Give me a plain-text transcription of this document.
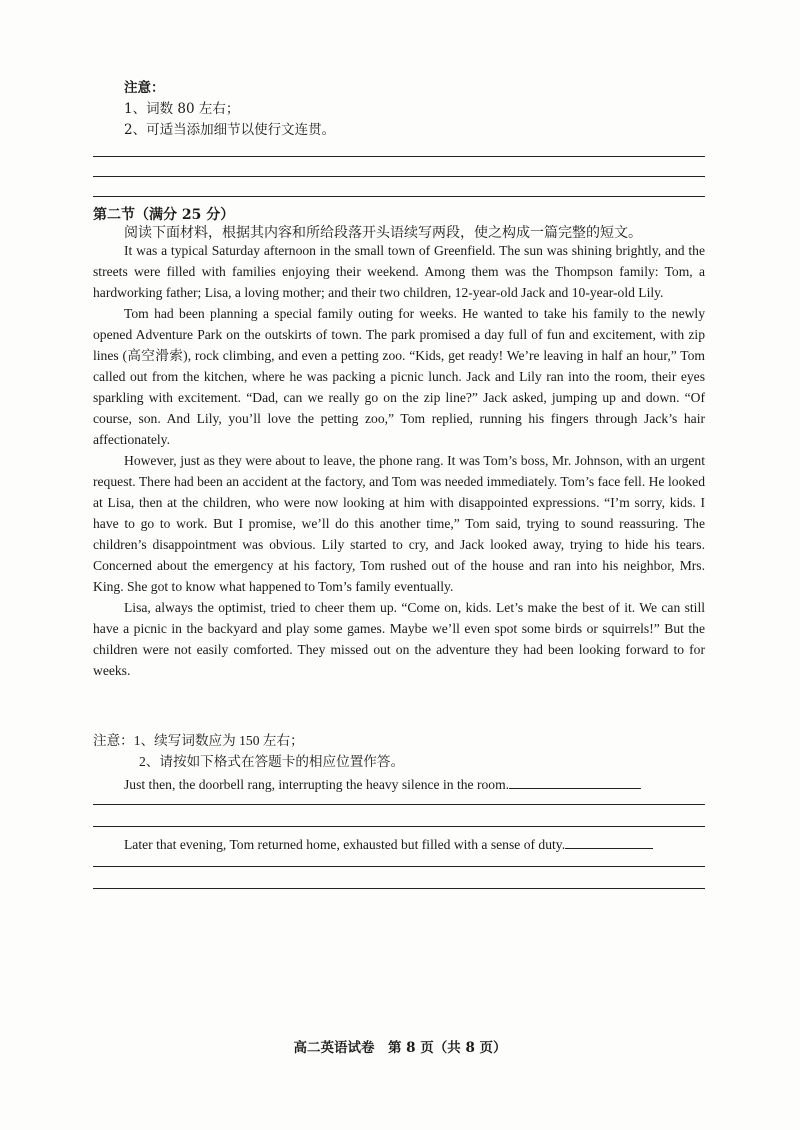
注意：
1、词数 80 左右；
2、可适当添加细节以使行文连贯。
第二节（满分 25 分）
阅读下面材料，根据其内容和所给段落开头语续写两段，使之构成一篇完整的短文。

It was a typical Saturday afternoon in the small town of Greenfield. The sun was shining brightly, and the streets were filled with families enjoying their weekend. Among them was the Thompson family: Tom, a hardworking father; Lisa, a loving mother; and their two children, 12-year-old Jack and 10-year-old Lily.

Tom had been planning a special family outing for weeks. He wanted to take his family to the newly opened Adventure Park on the outskirts of town. The park promised a day full of fun and excitement, with zip lines (高空滑索), rock climbing, and even a petting zoo. “Kids, get ready! We’re leaving in half an hour,” Tom called out from the kitchen, where he was packing a picnic lunch. Jack and Lily ran into the room, their eyes sparkling with excitement. “Dad, can we really go on the zip line?” Jack asked, jumping up and down. “Of course, son. And Lily, you’ll love the petting zoo,” Tom replied, running his fingers through Jack’s hair affectionately.

However, just as they were about to leave, the phone rang. It was Tom’s boss, Mr. Johnson, with an urgent request. There had been an accident at the factory, and Tom was needed immediately. Tom’s face fell. He looked at Lisa, then at the children, who were now looking at him with disappointed expressions. “I’m sorry, kids. I have to go to work. But I promise, we’ll do this another time,” Tom said, trying to sound reassuring. The children’s disappointment was obvious. Lily started to cry, and Jack looked away, trying to hide his tears. Concerned about the emergency at his factory, Tom rushed out of the house and ran into his neighbor, Mrs. King. She got to know what happened to Tom’s family eventually.

Lisa, always the optimist, tried to cheer them up. “Come on, kids. Let’s make the best of it. We can still have a picnic in the backyard and play some games. Maybe we’ll even spot some birds or squirrels!” But the children were not easily comforted. They missed out on the adventure they had been looking forward to for weeks.

注意：1、续写词数应为 150 左右；
2、请按如下格式在答题卡的相应位置作答。
Just then, the doorbell rang, interrupting the heavy silence in the room.
Later that evening, Tom returned home, exhausted but filled with a sense of duty.
高二英语试卷　第 8 页（共 8 页）
